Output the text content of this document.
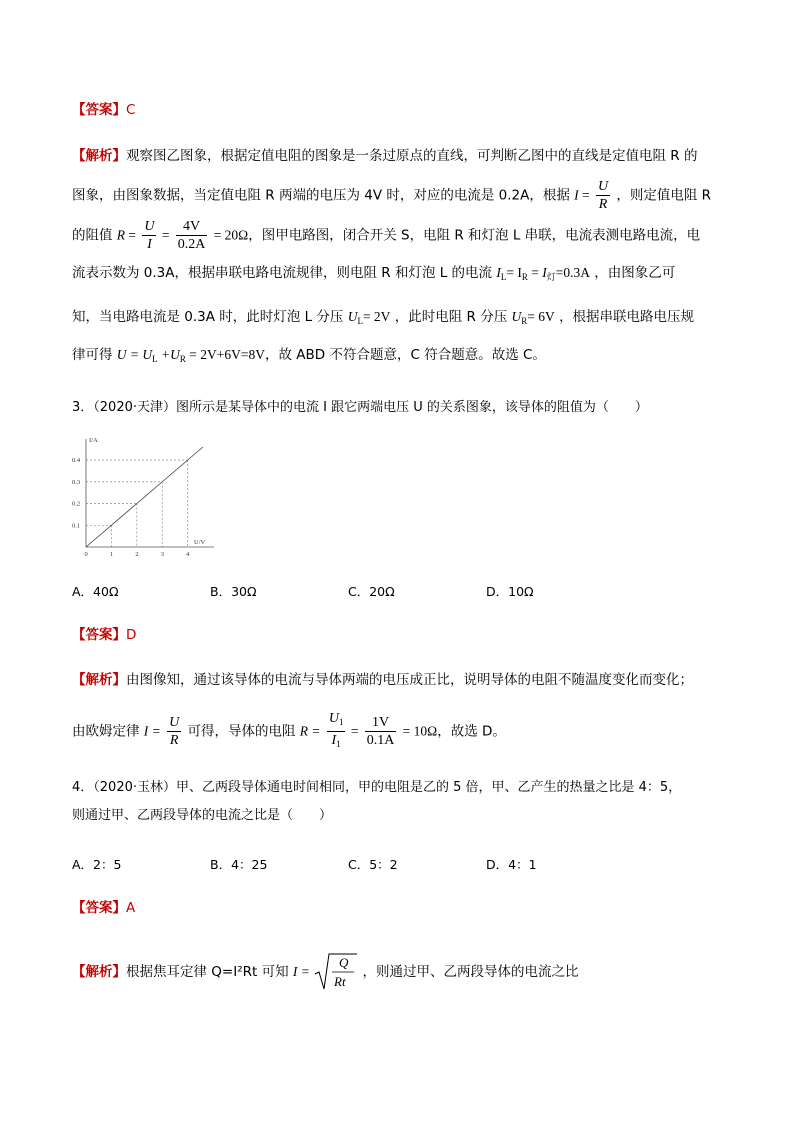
【答案】C
【解析】观察图乙图象，根据定值电阻的图象是一条过原点的直线，可判断乙图中的直线是定值电阻 R 的
图象，由图象数据，当定值电阻 R 两端的电压为 4V 时，对应的电流是 0.2A，根据 $I = \frac{U}{R}$ ，则定值电阻 R
的阻值 $R = \frac{U}{I} = \frac{4V}{0.2A} = 20\Omega$，图甲电路图，闭合开关 S，电阻 R 和灯泡 L 串联，电流表测电路电流，电
流表示数为 0.3A，根据串联电路电流规律，则电阻 R 和灯泡 L 的电流 $I_L= I_R = I_灯=0.3A$ ，由图象乙可
知，当电路电流是 0.3A 时，此时灯泡 L 分压 $U_L= 2V$ ，此时电阻 R 分压 $U_R= 6V$ ，根据串联电路电压规
律可得 $U = U_L +U_R = 2V+6V=8V$，故 ABD 不符合题意，C 符合题意。故选 C。
3．（2020·天津）图所示是某导体中的电流 I 跟它两端电压 U 的关系图象，该导体的阻值为（　　）
0	1	2	3	4
0.1
0.2
0.3
0.4
U/V
I/A
A．40Ω	B．30Ω	C．20Ω	D．10Ω
【答案】D
【解析】由图像知，通过该导体的电流与导体两端的电压成正比，说明导体的电阻不随温度变化而变化；
由欧姆定律 $I = \frac{U}{R}$ 可得，导体的电阻 $R = \frac{U_1}{I_1} = \frac{1V}{0.1A} = 10\Omega$，故选 D。
4．（2020·玉林）甲、乙两段导体通电时间相同，甲的电阻是乙的 5 倍，甲、乙产生的热量之比是 4：5，
则通过甲、乙两段导体的电流之比是（　　）
A．2：5	B．4：25	C．5：2	D．4：1
【答案】A
【解析】根据焦耳定律 Q=I²Rt 可知 I =
Q
Rt
，则通过甲、乙两段导体的电流之比
